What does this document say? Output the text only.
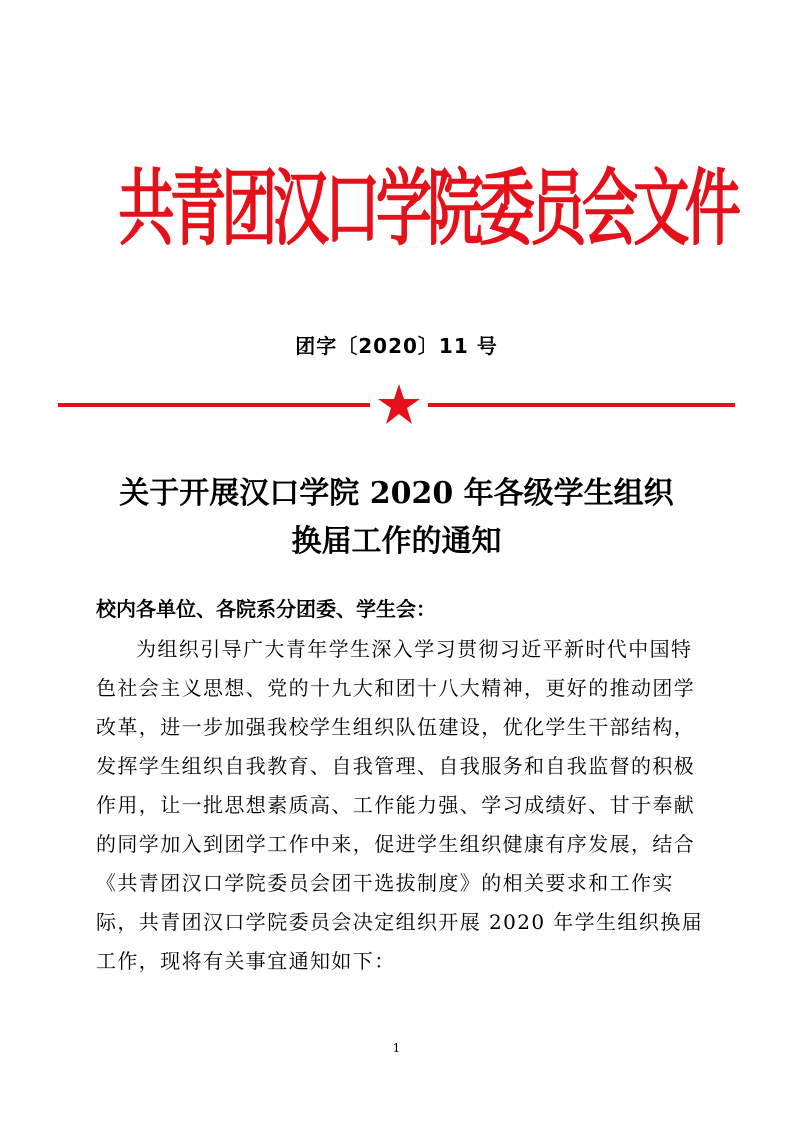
共青团汉口学院委员会文件
团字〔2020〕11 号
关于开展汉口学院 2020 年各级学生组织
换届工作的通知
校内各单位、各院系分团委、学生会：
为组织引导广大青年学生深入学习贯彻习近平新时代中国特
色社会主义思想、党的十九大和团十八大精神，更好的推动团学
改革，进一步加强我校学生组织队伍建设，优化学生干部结构，
发挥学生组织自我教育、自我管理、自我服务和自我监督的积极
作用，让一批思想素质高、工作能力强、学习成绩好、甘于奉献
的同学加入到团学工作中来，促进学生组织健康有序发展，结合
《共青团汉口学院委员会团干选拔制度》的相关要求和工作实
际，共青团汉口学院委员会决定组织开展 2020 年学生组织换届
工作，现将有关事宜通知如下：
1
